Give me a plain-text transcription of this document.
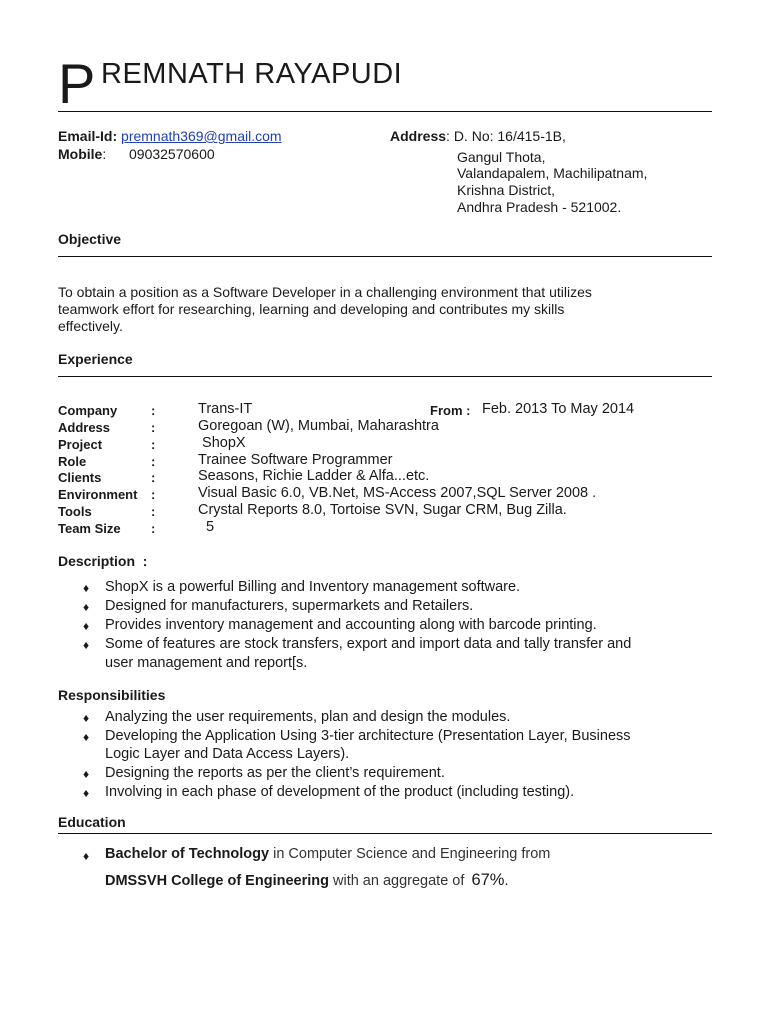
P REMNATH RAYAPUDI
Email-Id: premnath369@gmail.com
Mobile: 09032570600
Address: D. No: 16/415-1B,
Gangul Thota,
Valandapalem, Machilipatnam,
Krishna District,
Andhra Pradesh - 521002.
Objective
To obtain a position as a Software Developer in a challenging environment that utilizes
teamwork effort for researching, learning and developing and contributes my skills
effectively.
Experience
Company	:	Trans-IT	From : Feb. 2013 To May 2014
Address	:	Goregoan (W), Mumbai, Maharashtra
Project	:	ShopX
Role	:	Trainee Software Programmer
Clients	:	Seasons, Richie Ladder & Alfa...etc.
Environment :	Visual Basic 6.0, VB.Net, MS-Access 2007,SQL Server 2008 .
Tools	:	Crystal Reports 8.0, Tortoise SVN, Sugar CRM, Bug Zilla.
Team Size :	5
Description  :
♦ ShopX is a powerful Billing and Inventory management software.
♦ Designed for manufacturers, supermarkets and Retailers.
♦ Provides inventory management and accounting along with barcode printing.
♦ Some of features are stock transfers, export and import data and tally transfer and
user management and report[s.
Responsibilities
♦ Analyzing the user requirements, plan and design the modules.
♦ Developing the Application Using 3-tier architecture (Presentation Layer, Business
Logic Layer and Data Access Layers).
♦ Designing the reports as per the client’s requirement.
♦ Involving in each phase of development of the product (including testing).
Education
♦ Bachelor of Technology in Computer Science and Engineering from
DMSSVH College of Engineering with an aggregate of 67%.
